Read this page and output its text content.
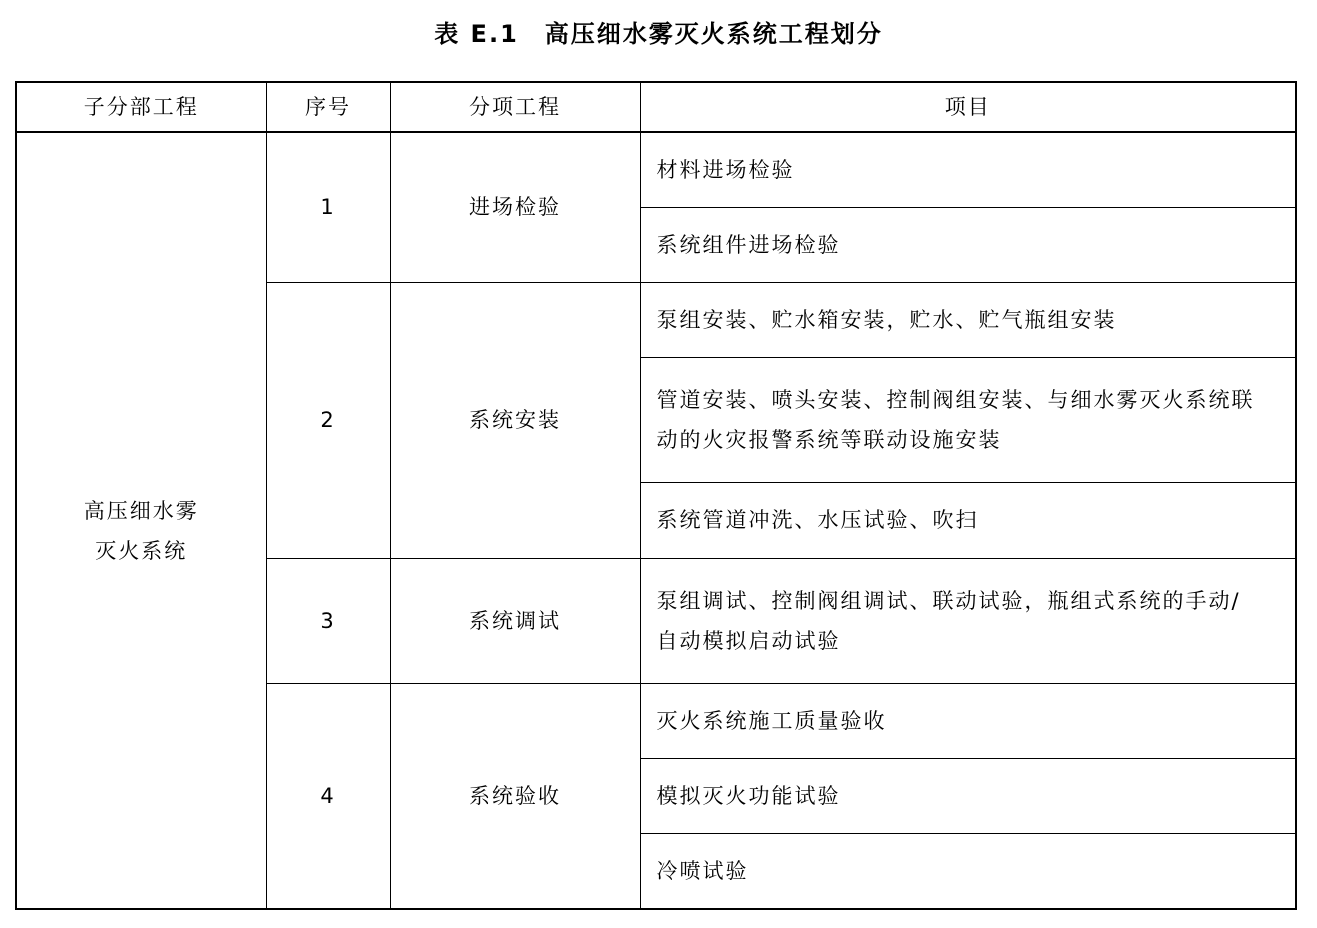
表 E.1 高压细水雾灭火系统工程划分
子分部工程	序号	分项工程	项目

高压细水雾
灭火系统	1	进场检验	材料进场检验

			系统组件进场检验

	2	系统安装	泵组安装、贮水箱安装，贮水、贮气瓶组安装

			管道安装、喷头安装、控制阀组安装、与细水雾灭火系统联
动的火灾报警系统等联动设施安装

			系统管道冲洗、水压试验、吹扫

	3	系统调试	泵组调试、控制阀组调试、联动试验，瓶组式系统的手动/
自动模拟启动试验

	4	系统验收	灭火系统施工质量验收

			模拟灭火功能试验

			冷喷试验
